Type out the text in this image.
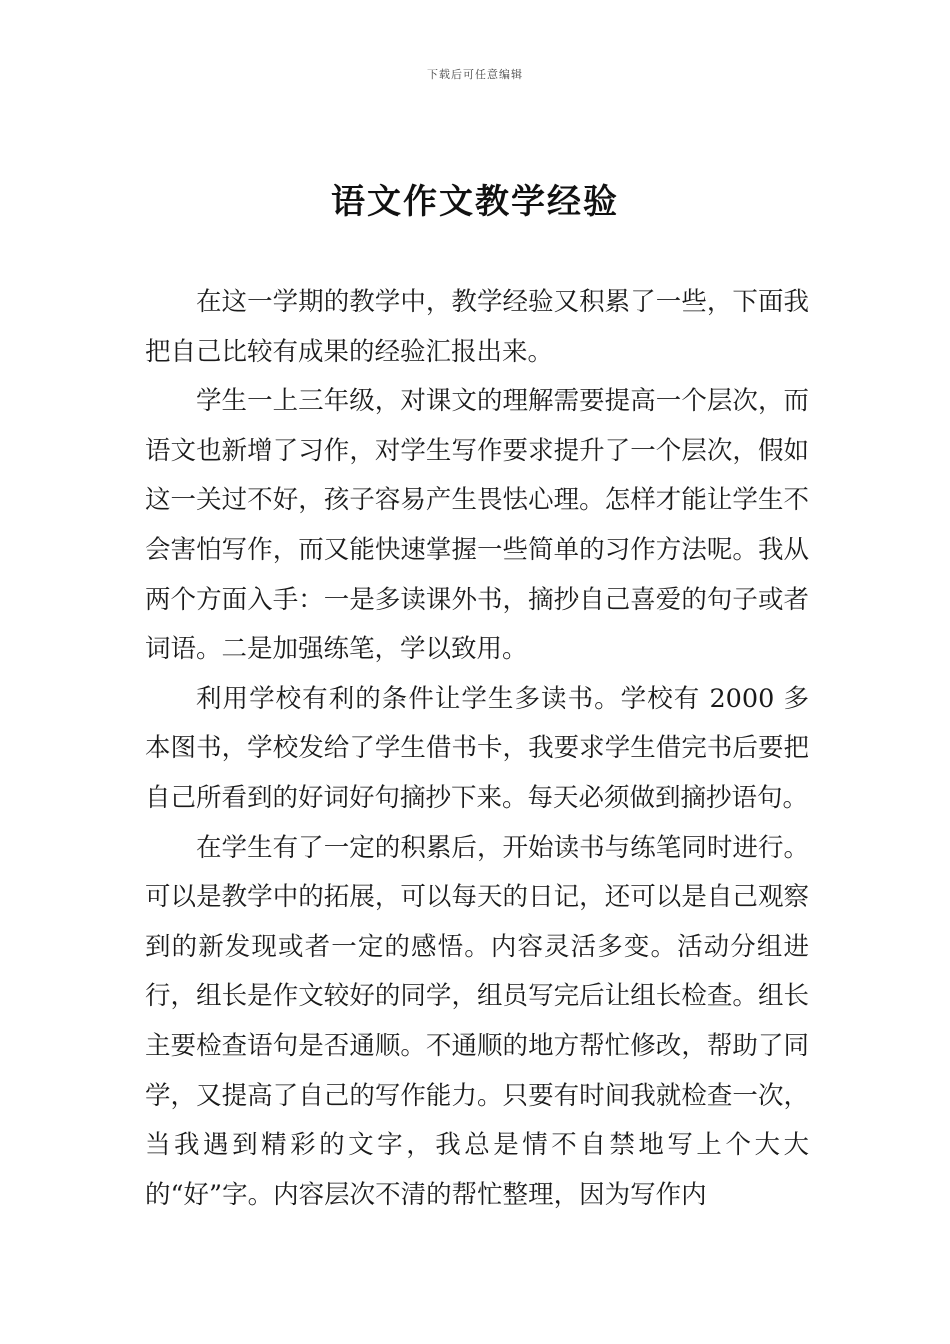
下载后可任意编辑
语文作文教学经验

在这一学期的教学中，教学经验又积累了一些，下面我把自己比较有成果的经验汇报出来。

学生一上三年级，对课文的理解需要提高一个层次，而语文也新增了习作，对学生写作要求提升了一个层次，假如这一关过不好，孩子容易产生畏怯心理。怎样才能让学生不会害怕写作，而又能快速掌握一些简单的习作方法呢。我从两个方面入手：一是多读课外书，摘抄自己喜爱的句子或者词语。二是加强练笔，学以致用。

利用学校有利的条件让学生多读书。学校有 2000 多本图书，学校发给了学生借书卡，我要求学生借完书后要把自己所看到的好词好句摘抄下来。每天必须做到摘抄语句。

在学生有了一定的积累后，开始读书与练笔同时进行。可以是教学中的拓展，可以每天的日记，还可以是自己观察到的新发现或者一定的感悟。内容灵活多变。活动分组进行，组长是作文较好的同学，组员写完后让组长检查。组长主要检查语句是否通顺。不通顺的地方帮忙修改，帮助了同学，又提高了自己的写作能力。只要有时间我就检查一次，当我遇到精彩的文字，我总是情不自禁地写上个大大的“好”字。内容层次不清的帮忙整理，因为写作内
